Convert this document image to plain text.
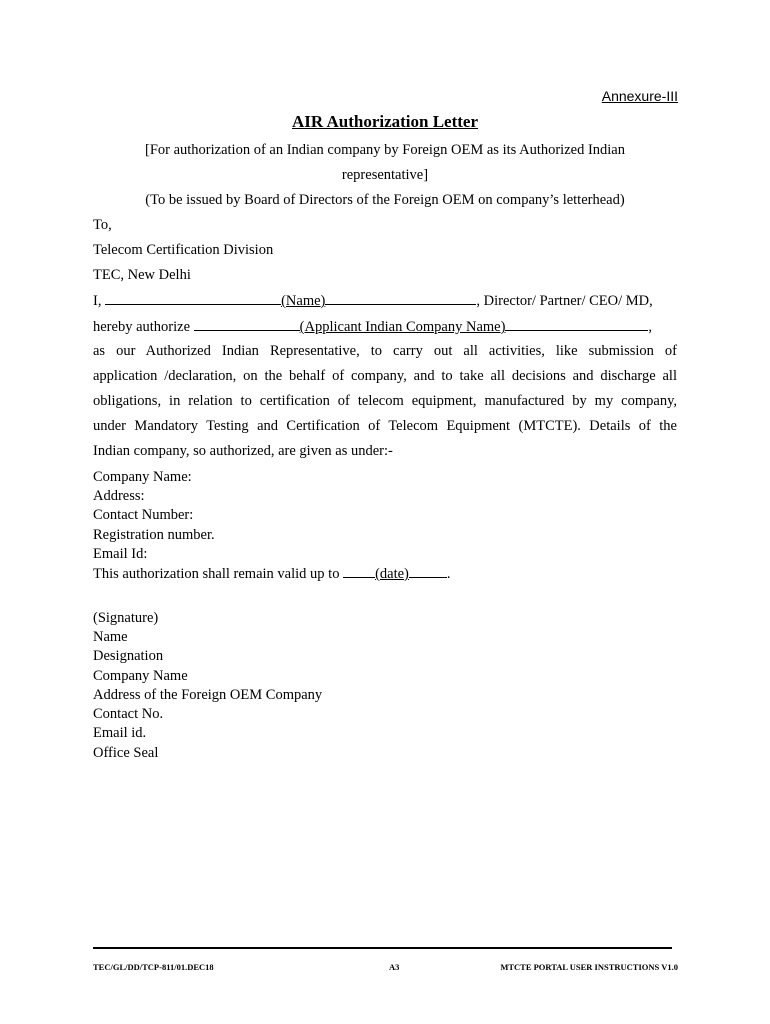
Annexure-III
AIR Authorization Letter
[For authorization of an Indian company by Foreign OEM as its Authorized Indian
representative]
(To be issued by Board of Directors of the Foreign OEM on company’s letterhead)
To,
Telecom Certification Division
TEC, New Delhi
I,	(Name)	, Director/ Partner/ CEO/ MD,
hereby authorize	(Applicant Indian Company Name)	,
as our Authorized Indian Representative, to carry out all activities, like submission of
application /declaration, on the behalf of company, and to take all decisions and discharge all
obligations, in relation to certification of telecom equipment, manufactured by my company,
under Mandatory Testing and Certification of Telecom Equipment (MTCTE). Details of the
Indian company, so authorized, are given as under:-
Company Name:
Address:
Contact Number:
Registration number.
Email Id:
This authorization shall remain valid up to (date)	.
(Signature)
Name
Designation
Company Name
Address of the Foreign OEM Company
Contact No.
Email id.
Office Seal
TEC/GL/DD/TCP-811/01.DEC18	A3	MTCTE PORTAL USER INSTRUCTIONS V1.0
